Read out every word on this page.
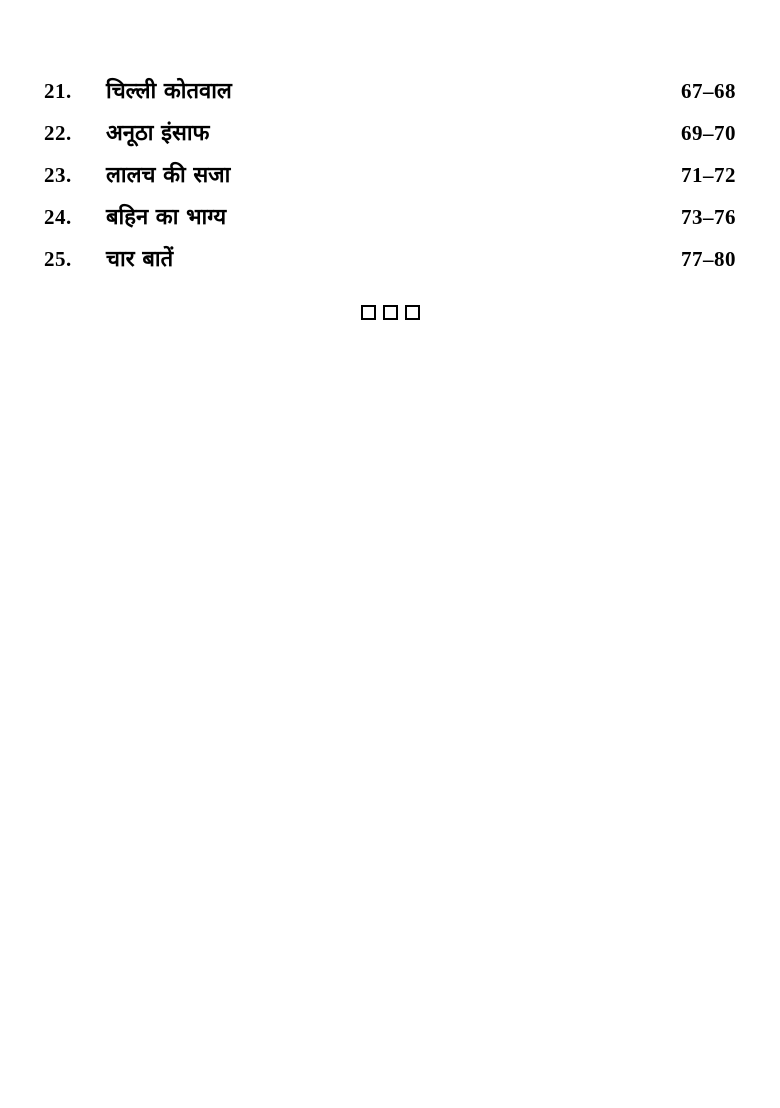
21.	चिल्ली कोतवाल	67–68
22.	अनूठा इंसाफ	69–70
23.	लालच की सजा	71–72
24.	बहिन का भाग्य	73–76
25.	चार बातें	77–80
